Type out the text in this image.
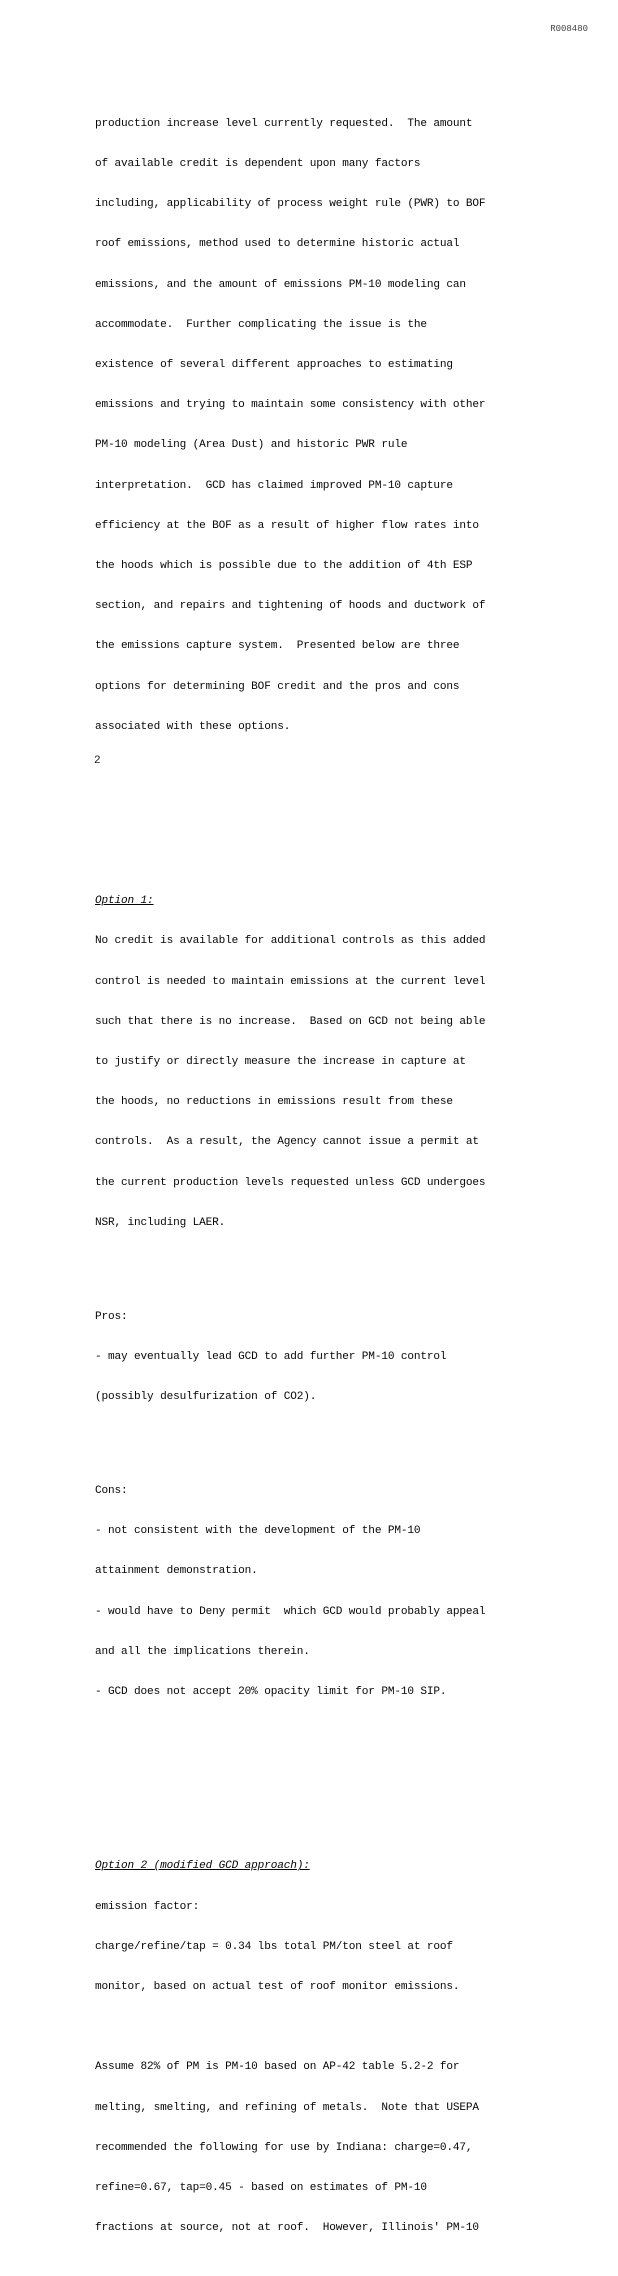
R008480

production increase level currently requested.  The amount

of available credit is dependent upon many factors

including, applicability of process weight rule (PWR) to BOF

roof emissions, method used to determine historic actual

emissions, and the amount of emissions PM-10 modeling can

accommodate.  Further complicating the issue is the

existence of several different approaches to estimating

emissions and trying to maintain some consistency with other

PM-10 modeling (Area Dust) and historic PWR rule

interpretation.  GCD has claimed improved PM-10 capture

efficiency at the BOF as a result of higher flow rates into

the hoods which is possible due to the addition of 4th ESP

section, and repairs and tightening of hoods and ductwork of

the emissions capture system.  Presented below are three

options for determining BOF credit and the pros and cons

associated with these options.

Option 1:

No credit is available for additional controls as this added

control is needed to maintain emissions at the current level

such that there is no increase.  Based on GCD not being able

to justify or directly measure the increase in capture at

the hoods, no reductions in emissions result from these

controls.  As a result, the Agency cannot issue a permit at

the current production levels requested unless GCD undergoes

NSR, including LAER.

Pros:

- may eventually lead GCD to add further PM-10 control

(possibly desulfurization of CO2).

Cons:

- not consistent with the development of the PM-10

attainment demonstration.

- would have to Deny permit  which GCD would probably appeal

and all the implications therein.

- GCD does not accept 20% opacity limit for PM-10 SIP.

Option 2 (modified GCD approach):

emission factor:

charge/refine/tap = 0.34 lbs total PM/ton steel at roof

monitor, based on actual test of roof monitor emissions.

Assume 82% of PM is PM-10 based on AP-42 table 5.2-2 for

melting, smelting, and refining of metals.  Note that USEPA

recommended the following for use by Indiana: charge=0.47,

refine=0.67, tap=0.45 - based on estimates of PM-10

fractions at source, not at roof.  However, Illinois' PM-10

2
